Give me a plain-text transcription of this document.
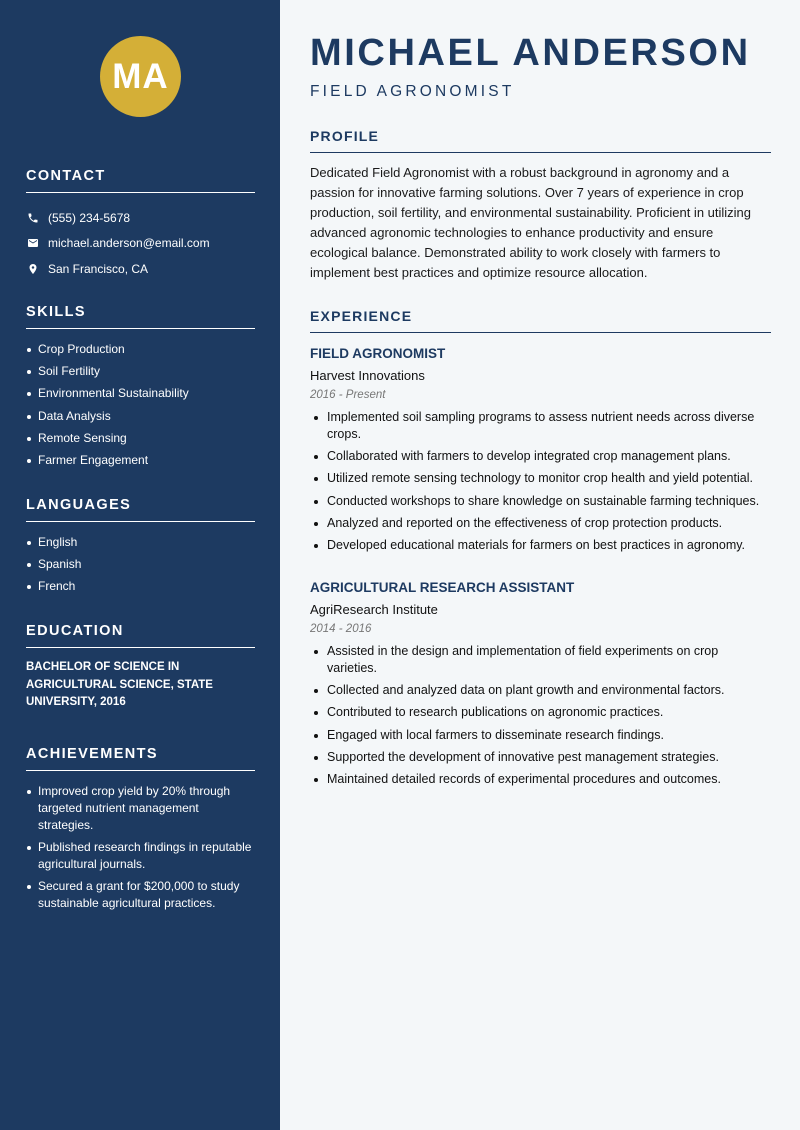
MA
CONTACT
(555) 234-5678
michael.anderson@email.com
San Francisco, CA
SKILLS
Crop Production
Soil Fertility
Environmental Sustainability
Data Analysis
Remote Sensing
Farmer Engagement
LANGUAGES
English
Spanish
French
EDUCATION
BACHELOR OF SCIENCE IN AGRICULTURAL SCIENCE, STATE UNIVERSITY, 2016
ACHIEVEMENTS
Improved crop yield by 20% through targeted nutrient management strategies.
Published research findings in reputable agricultural journals.
Secured a grant for $200,000 to study sustainable agricultural practices.
MICHAEL ANDERSON
FIELD AGRONOMIST
PROFILE

Dedicated Field Agronomist with a robust background in agronomy and a passion for innovative farming solutions. Over 7 years of experience in crop production, soil fertility, and environmental sustainability. Proficient in utilizing advanced agronomic technologies to enhance productivity and ensure ecological balance. Demonstrated ability to work closely with farmers to implement best practices and optimize resource allocation.

EXPERIENCE
FIELD AGRONOMIST
Harvest Innovations
2016 - Present
Implemented soil sampling programs to assess nutrient needs across diverse crops.
Collaborated with farmers to develop integrated crop management plans.
Utilized remote sensing technology to monitor crop health and yield potential.
Conducted workshops to share knowledge on sustainable farming techniques.
Analyzed and reported on the effectiveness of crop protection products.
Developed educational materials for farmers on best practices in agronomy.
AGRICULTURAL RESEARCH ASSISTANT
AgriResearch Institute
2014 - 2016
Assisted in the design and implementation of field experiments on crop varieties.
Collected and analyzed data on plant growth and environmental factors.
Contributed to research publications on agronomic practices.
Engaged with local farmers to disseminate research findings.
Supported the development of innovative pest management strategies.
Maintained detailed records of experimental procedures and outcomes.
